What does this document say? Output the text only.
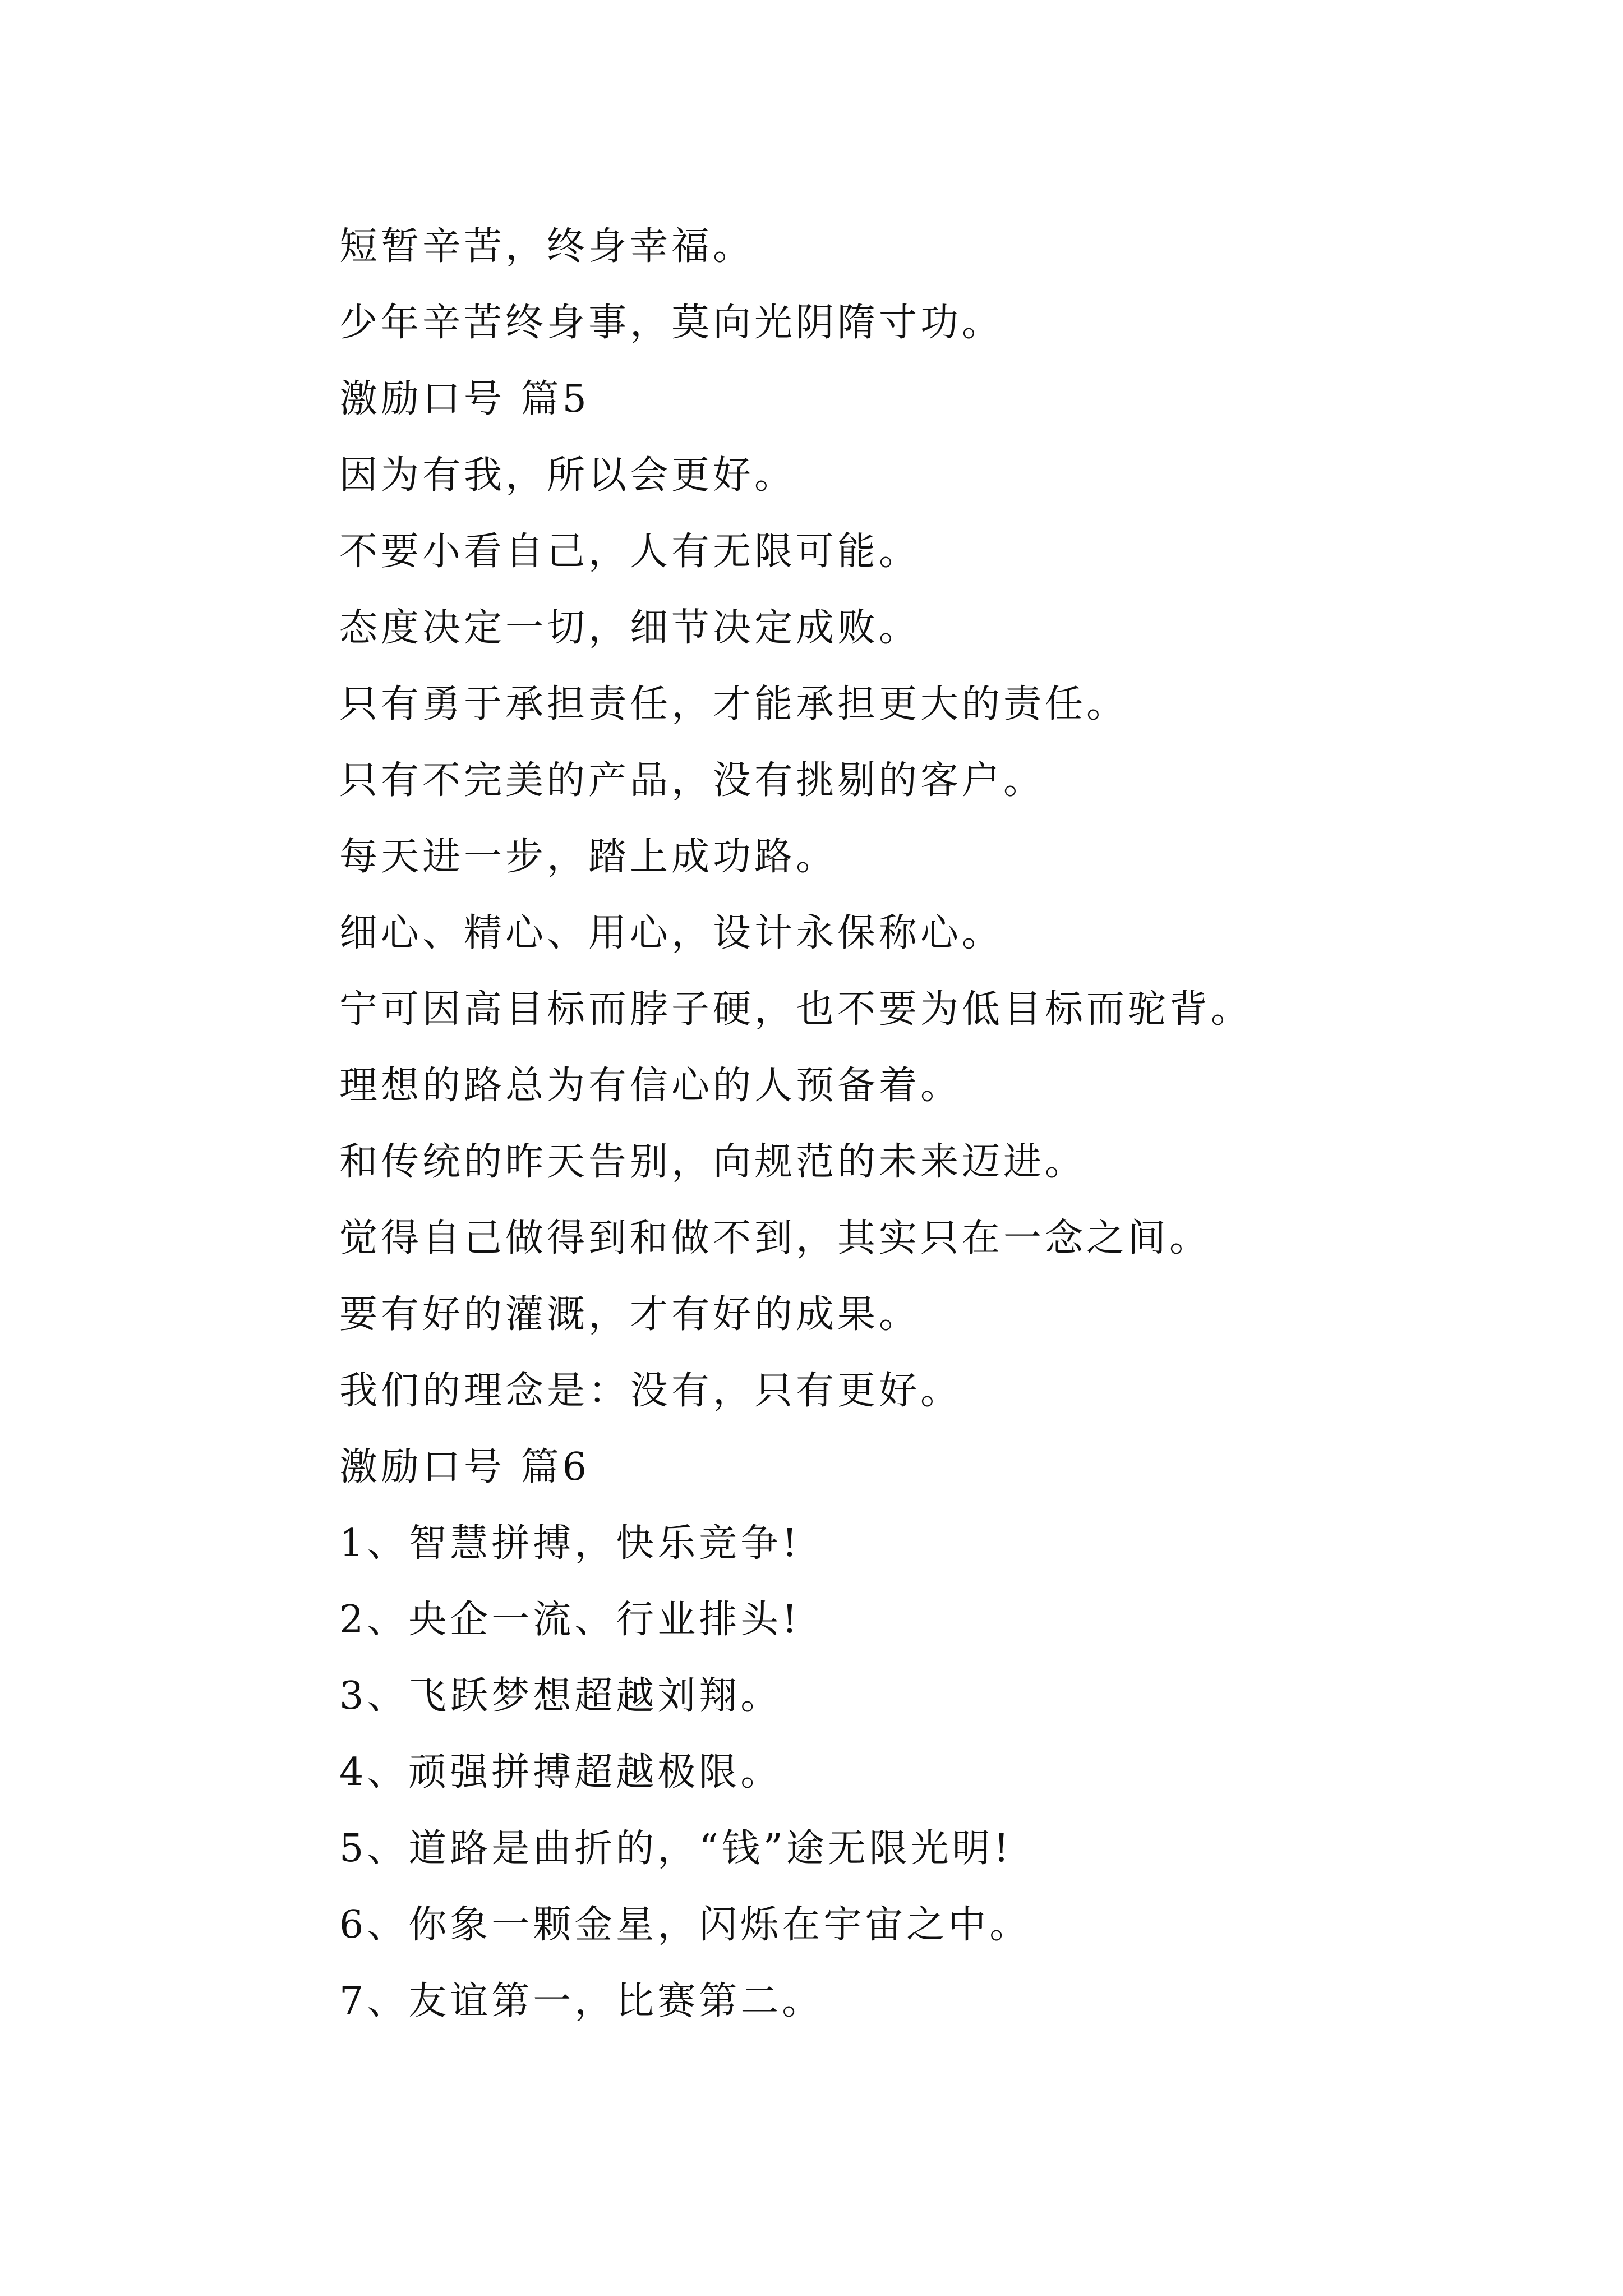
短暂辛苦，终身幸福。
少年辛苦终身事，莫向光阴隋寸功。
激励口号 篇5
因为有我，所以会更好。
不要小看自己，人有无限可能。
态度决定一切，细节决定成败。
只有勇于承担责任，才能承担更大的责任。
只有不完美的产品，没有挑剔的客户。
每天进一步，踏上成功路。
细心、精心、用心，设计永保称心。
宁可因高目标而脖子硬，也不要为低目标而驼背。
理想的路总为有信心的人预备着。
和传统的昨天告别，向规范的未来迈进。
觉得自己做得到和做不到，其实只在一念之间。
要有好的灌溉，才有好的成果。
我们的理念是：没有，只有更好。
激励口号 篇6
1、智慧拼搏，快乐竞争!
2、央企一流、行业排头!
3、飞跃梦想超越刘翔。
4、顽强拼搏超越极限。
5、道路是曲折的，“钱”途无限光明!
6、你象一颗金星，闪烁在宇宙之中。
7、友谊第一，比赛第二。
